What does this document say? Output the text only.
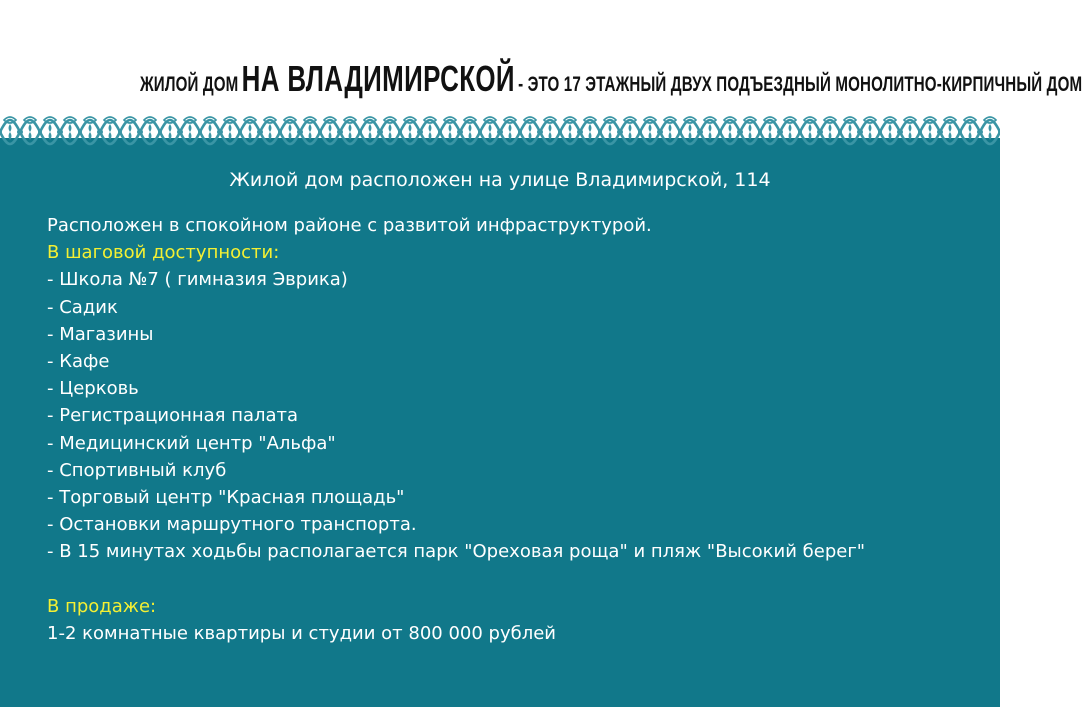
ЖИЛОЙ ДОМ НА ВЛАДИМИРСКОЙ - ЭТО 17 ЭТАЖНЫЙ ДВУХ ПОДЪЕЗДНЫЙ МОНОЛИТНО-КИРПИЧНЫЙ ДОМ
Жилой дом расположен на улице Владимирской, 114
Расположен в спокойном районе с развитой инфраструктурой.
В шаговой доступности:
- Школа №7 ( гимназия Эврика)
- Садик
- Магазины
- Кафе
- Церковь
- Регистрационная палата
- Медицинский центр "Альфа"
- Спортивный клуб
- Торговый центр "Красная площадь"
- Остановки маршрутного транспорта.
- В 15 минутах ходьбы располагается парк "Ореховая роща" и пляж "Высокий берег"
В продаже:
1-2 комнатные квартиры и студии от 800 000 рублей
